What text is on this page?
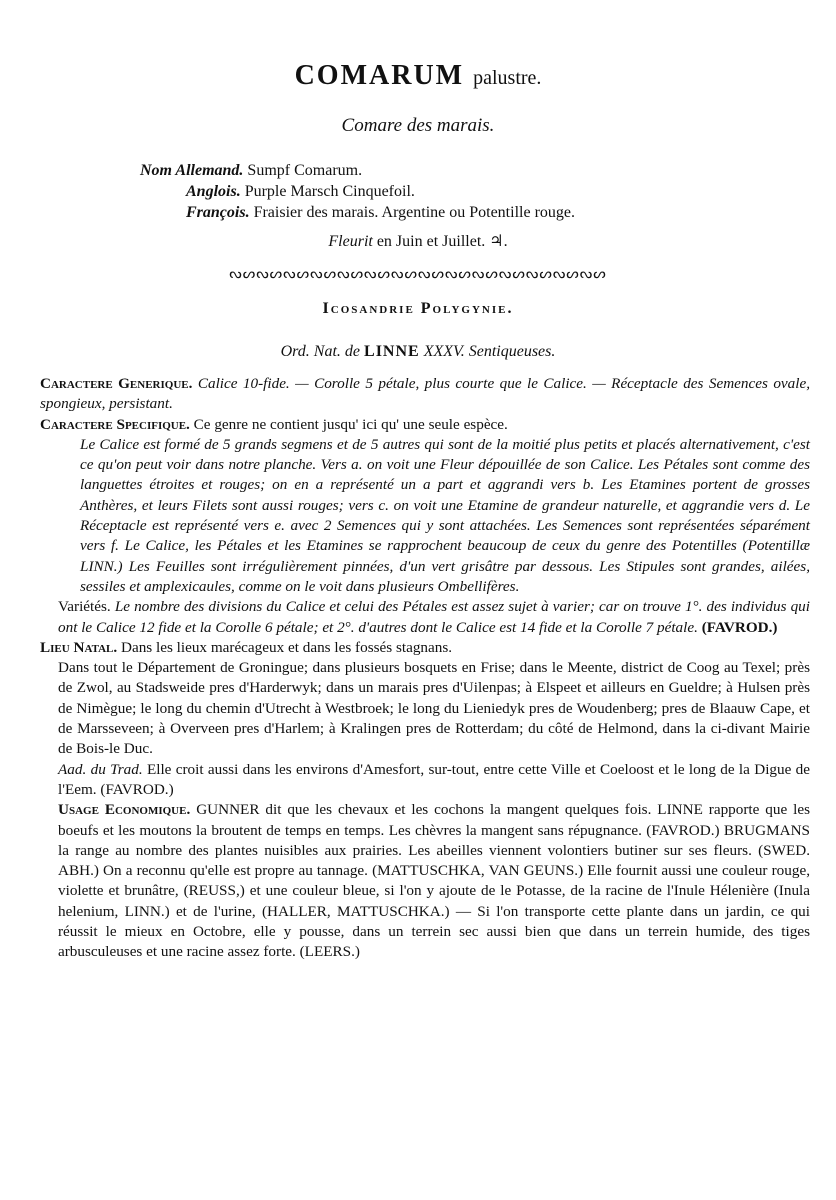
COMARUM palustre.
Comare des marais.
Nom Allemand. Sumpf Comarum.
Anglois. Purple Marsch Cinquefoil.
François. Fraisier des marais. Argentine ou Potentille rouge.
Fleurit en Juin et Juillet. ♃.
ᔓᔕᔓᔕᔓᔕᔓᔕᔓᔕᔓᔕᔓᔕᔓᔕᔓᔕᔓᔕᔓᔕᔓᔕᔓᔕᔓᔕ
Icosandrie Polygynie.
Ord. Nat. de LINNE XXXV. Sentiqueuses.

Caractere Generique. Calice 10-fide. — Corolle 5 pétale, plus courte que le Calice. — Réceptacle des Semences ovale, spongieux, persistant.

Caractere Specifique. Ce genre ne contient jusqu' ici qu' une seule espèce.

Le Calice est formé de 5 grands segmens et de 5 autres qui sont de la moitié plus petits et placés alternativement, c'est ce qu'on peut voir dans notre planche. Vers a. on voit une Fleur dépouillée de son Calice. Les Pétales sont comme des languettes étroites et rouges; on en a représenté un a part et aggrandi vers b. Les Etamines portent de grosses Anthères, et leurs Filets sont aussi rouges; vers c. on voit une Etamine de grandeur naturelle, et aggrandie vers d. Le Réceptacle est représenté vers e. avec 2 Semences qui y sont attachées. Les Semences sont représentées séparément vers f. Le Calice, les Pétales et les Etamines se rapprochent beaucoup de ceux du genre des Potentilles (Potentillæ LINN.) Les Feuilles sont irrégulièrement pinnées, d'un vert grisâtre par dessous. Les Stipules sont grandes, ailées, sessiles et amplexicaules, comme on le voit dans plusieurs Ombellifères.

Variétés. Le nombre des divisions du Calice et celui des Pétales est assez sujet à varier; car on trouve 1°. des individus qui ont le Calice 12 fide et la Corolle 6 pétale; et 2°. d'autres dont le Calice est 14 fide et la Corolle 7 pétale. (FAVROD.)

Lieu Natal. Dans les lieux marécageux et dans les fossés stagnans.

Dans tout le Département de Groningue; dans plusieurs bosquets en Frise; dans le Meente, district de Coog au Texel; près de Zwol, au Stadsweide pres d'Harderwyk; dans un marais pres d'Uilenpas; à Elspeet et ailleurs en Gueldre; à Hulsen près de Nimègue; le long du chemin d'Utrecht à Westbroek; le long du Lieniedyk pres de Woudenberg; pres de Blaauw Cape, et de Marsseveen; à Overveen pres d'Harlem; à Kralingen pres de Rotterdam; du côté de Helmond, dans la ci-divant Mairie de Bois-le Duc.

Aad. du Trad. Elle croit aussi dans les environs d'Amesfort, sur-tout, entre cette Ville et Coeloost et le long de la Digue de l'Eem. (FAVROD.)

Usage Economique. GUNNER dit que les chevaux et les cochons la mangent quelques fois. LINNE rapporte que les boeufs et les moutons la broutent de temps en temps. Les chèvres la mangent sans répugnance. (FAVROD.) BRUGMANS la range au nombre des plantes nuisibles aux prairies. Les abeilles viennent volontiers butiner sur ses fleurs. (SWED. ABH.) On a reconnu qu'elle est propre au tannage. (MATTUSCHKA, VAN GEUNS.) Elle fournit aussi une couleur rouge, violette et brunâtre, (REUSS,) et une couleur bleue, si l'on y ajoute de le Potasse, de la racine de l'Inule Hélenière (Inula helenium, LINN.) et de l'urine, (HALLER, MATTUSCHKA.) — Si l'on transporte cette plante dans un jardin, ce qui réussit le mieux en Octobre, elle y pousse, dans un terrein sec aussi bien que dans un terrein humide, des tiges arbusculeuses et une racine assez forte. (LEERS.)
